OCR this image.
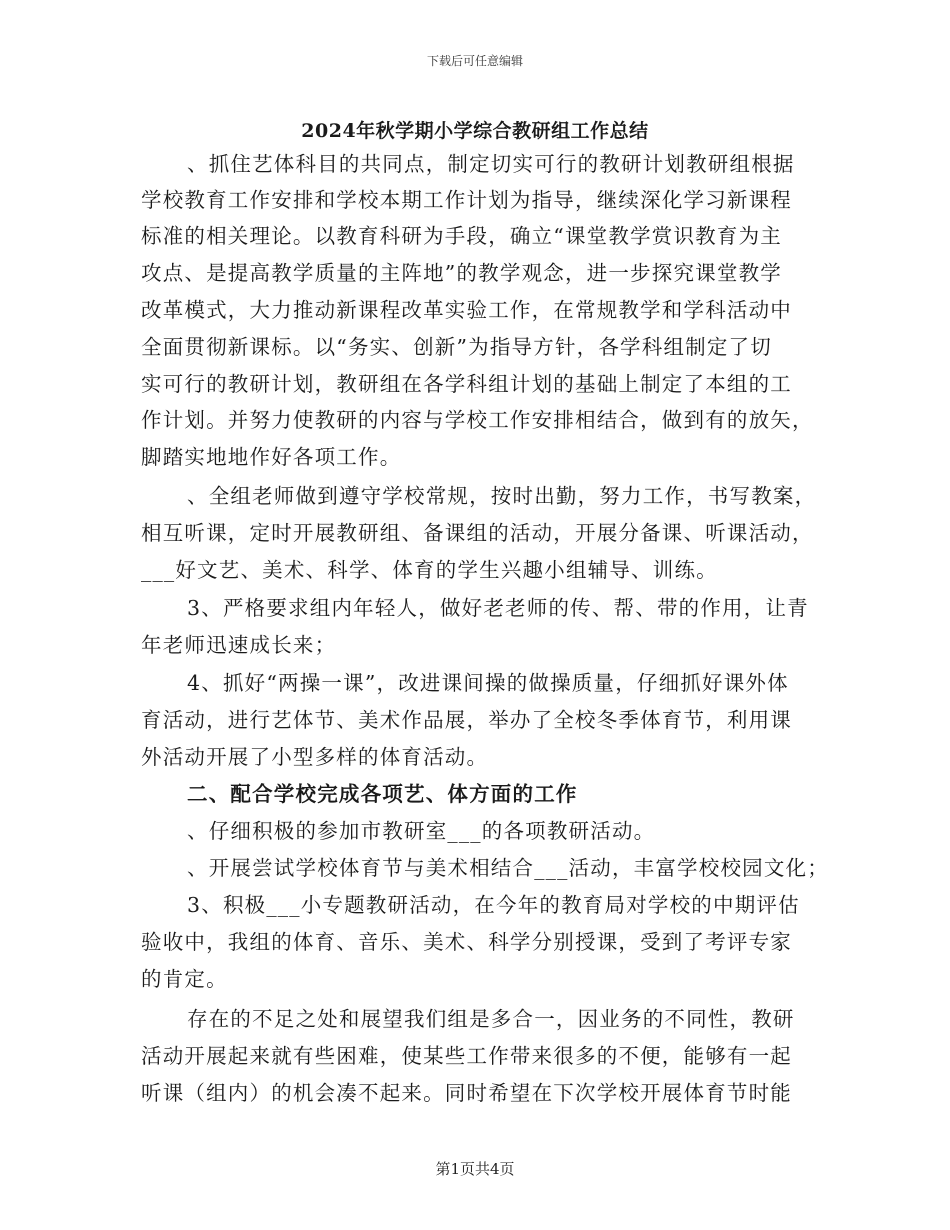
下载后可任意编辑
2024年秋学期小学综合教研组工作总结
、抓住艺体科目的共同点，制定切实可行的教研计划教研组根据
学校教育工作安排和学校本期工作计划为指导，继续深化学习新课程
标准的相关理论。以教育科研为手段，确立“课堂教学赏识教育为主
攻点、是提高教学质量的主阵地”的教学观念，进一步探究课堂教学
改革模式，大力推动新课程改革实验工作，在常规教学和学科活动中
全面贯彻新课标。以“务实、创新”为指导方针，各学科组制定了切
实可行的教研计划，教研组在各学科组计划的基础上制定了本组的工
作计划。并努力使教研的内容与学校工作安排相结合，做到有的放矢，
脚踏实地地作好各项工作。
、全组老师做到遵守学校常规，按时出勤，努力工作，书写教案，
相互听课，定时开展教研组、备课组的活动，开展分备课、听课活动，
___好文艺、美术、科学、体育的学生兴趣小组辅导、训练。
3、严格要求组内年轻人，做好老老师的传、帮、带的作用，让青
年老师迅速成长来；
4、抓好“两操一课”，改进课间操的做操质量，仔细抓好课外体
育活动，进行艺体节、美术作品展，举办了全校冬季体育节，利用课
外活动开展了小型多样的体育活动。
二、配合学校完成各项艺、体方面的工作
、仔细积极的参加市教研室___的各项教研活动。
、开展尝试学校体育节与美术相结合___活动，丰富学校校园文化；
3、积极___小专题教研活动，在今年的教育局对学校的中期评估
验收中，我组的体育、音乐、美术、科学分别授课，受到了考评专家
的肯定。
存在的不足之处和展望我们组是多合一，因业务的不同性，教研
活动开展起来就有些困难，使某些工作带来很多的不便，能够有一起
听课（组内）的机会凑不起来。同时希望在下次学校开展体育节时能
第1页共4页
